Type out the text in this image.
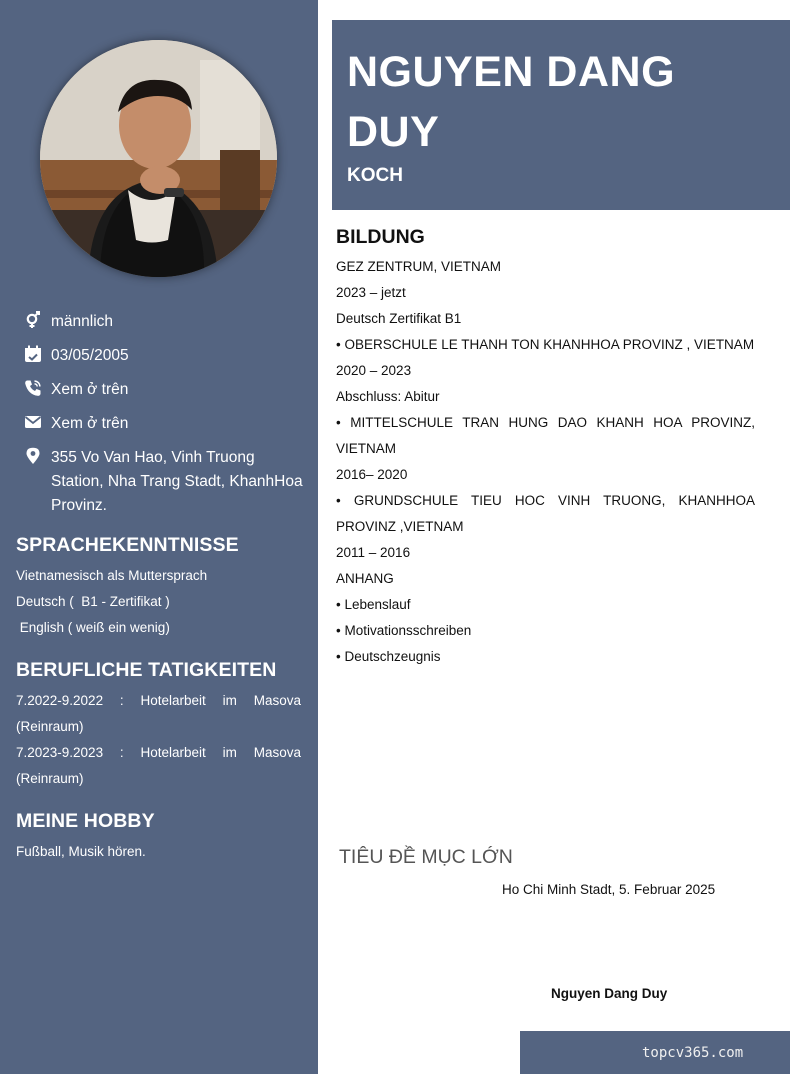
männlich
03/05/2005
Xem ở trên
Xem ở trên
355 Vo Van Hao, Vinh Truong Station, Nha Trang Stadt, KhanhHoa Provinz.
SPRACHEKENNTNISSE
Vietnamesisch als Muttersprach
Deutsch (  B1 - Zertifikat )
English ( weiß ein wenig)
BERUFLICHE TATIGKEITEN
7.2022-9.2022 : Hotelarbeit im Masova (Reinraum)
7.2023-9.2023 : Hotelarbeit im Masova (Reinraum)
MEINE HOBBY
Fußball, Musik hören.
NGUYEN DANG
DUY
KOCH
BILDUNG
GEZ ZENTRUM, VIETNAM
2023 – jetzt
Deutsch Zertifikat B1
• OBERSCHULE LE THANH TON KHANHHOA PROVINZ , VIETNAM
2020 – 2023
Abschluss: Abitur
• MITTELSCHULE TRAN HUNG DAO KHANH HOA PROVINZ, VIETNAM
2016– 2020
• GRUNDSCHULE TIEU HOC VINH TRUONG, KHANHHOA PROVINZ ,VIETNAM
2011 – 2016
ANHANG
• Lebenslauf
• Motivationsschreiben
• Deutschzeugnis
TIÊU ĐỀ MỤC LỚN
Ho Chi Minh Stadt, 5. Februar 2025
Nguyen Dang Duy
topcv365.com
